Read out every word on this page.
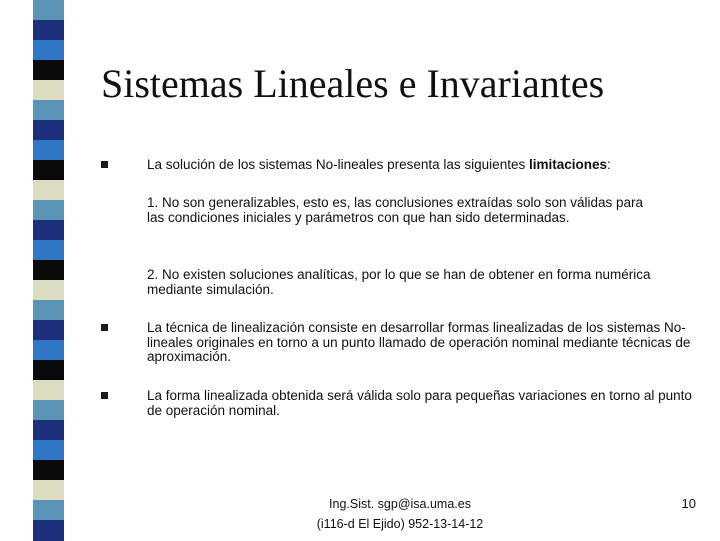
Sistemas Lineales e Invariantes
La solución de los sistemas No-lineales presenta las siguientes limitaciones:
1. No son generalizables, esto es, las conclusiones extraídas solo son válidas para las condiciones iniciales y parámetros con que han sido determinadas.
2. No existen soluciones analíticas, por lo que se han de obtener en forma numérica mediante simulación.
La técnica de linealización consiste en desarrollar formas linealizadas de los sistemas No-lineales originales en torno a un punto llamado de operación nominal mediante técnicas de aproximación.
La forma linealizada obtenida será válida solo para pequeñas variaciones en torno al punto de operación nominal.
Ing.Sist. sgp@isa.uma.es
(i116-d El Ejido) 952-13-14-12
10
